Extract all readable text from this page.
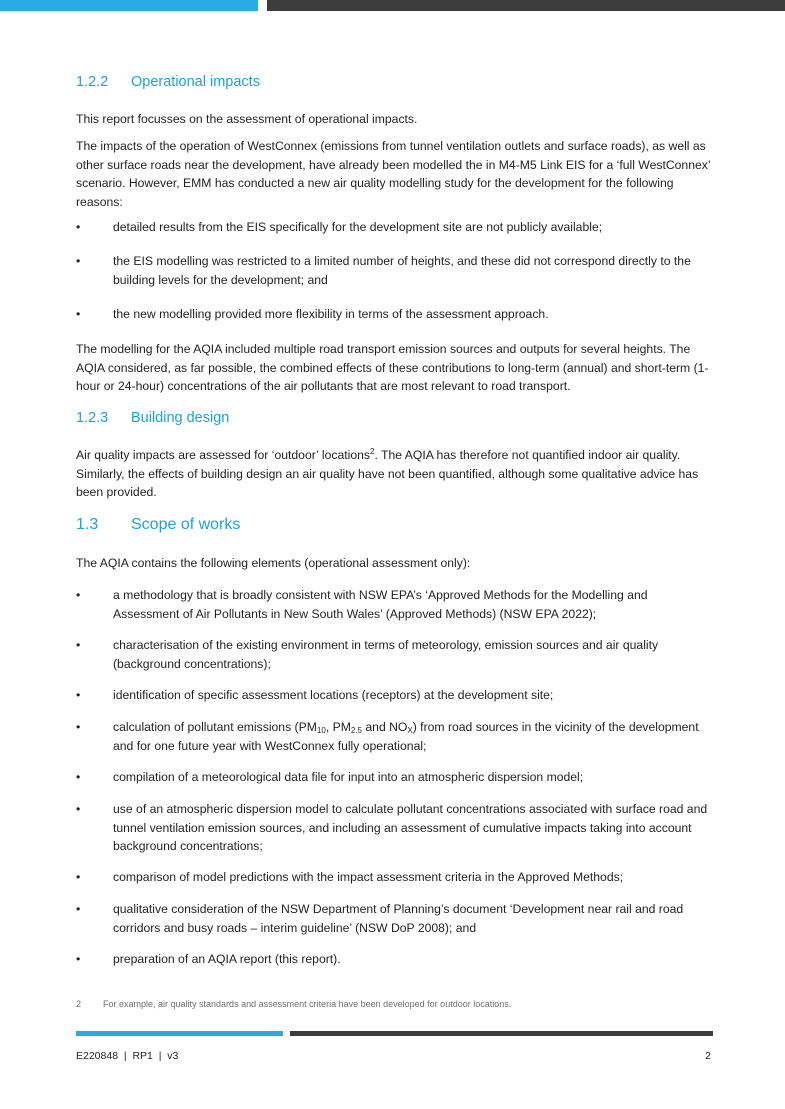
1.2.2 Operational impacts

This report focusses on the assessment of operational impacts.

The impacts of the operation of WestConnex (emissions from tunnel ventilation outlets and surface roads), as well as other surface roads near the development, have already been modelled the in M4-M5 Link EIS for a ‘full WestConnex’ scenario. However, EMM has conducted a new air quality modelling study for the development for the following reasons:

•	detailed results from the EIS specifically for the development site are not publicly available;
•	the EIS modelling was restricted to a limited number of heights, and these did not correspond directly to the building levels for the development; and
•	the new modelling provided more flexibility in terms of the assessment approach.

The modelling for the AQIA included multiple road transport emission sources and outputs for several heights. The AQIA considered, as far possible, the combined effects of these contributions to long-term (annual) and short-term (1-hour or 24-hour) concentrations of the air pollutants that are most relevant to road transport.

1.2.3 Building design

Air quality impacts are assessed for ‘outdoor’ locations$^2$. The AQIA has therefore not quantified indoor air quality. Similarly, the effects of building design an air quality have not been quantified, although some qualitative advice has been provided.

1.3 Scope of works

The AQIA contains the following elements (operational assessment only):

•	a methodology that is broadly consistent with NSW EPA’s ‘Approved Methods for the Modelling and Assessment of Air Pollutants in New South Wales’ (Approved Methods) (NSW EPA 2022);
•	characterisation of the existing environment in terms of meteorology, emission sources and air quality (background concentrations);
•	identification of specific assessment locations (receptors) at the development site;
•	calculation of pollutant emissions ($PM_{10}$, $PM_{2.5}$ and $NO_X$) from road sources in the vicinity of the development and for one future year with WestConnex fully operational;
•	compilation of a meteorological data file for input into an atmospheric dispersion model;
•	use of an atmospheric dispersion model to calculate pollutant concentrations associated with surface road and tunnel ventilation emission sources, and including an assessment of cumulative impacts taking into account background concentrations;
•	comparison of model predictions with the impact assessment criteria in the Approved Methods;
•	qualitative consideration of the NSW Department of Planning’s document ‘Development near rail and road corridors and busy roads – interim guideline’ (NSW DoP 2008); and
•	preparation of an AQIA report (this report).
2 For example, air quality standards and assessment criteria have been developed for outdoor locations.
E220848  |  RP1  |  v3	2
